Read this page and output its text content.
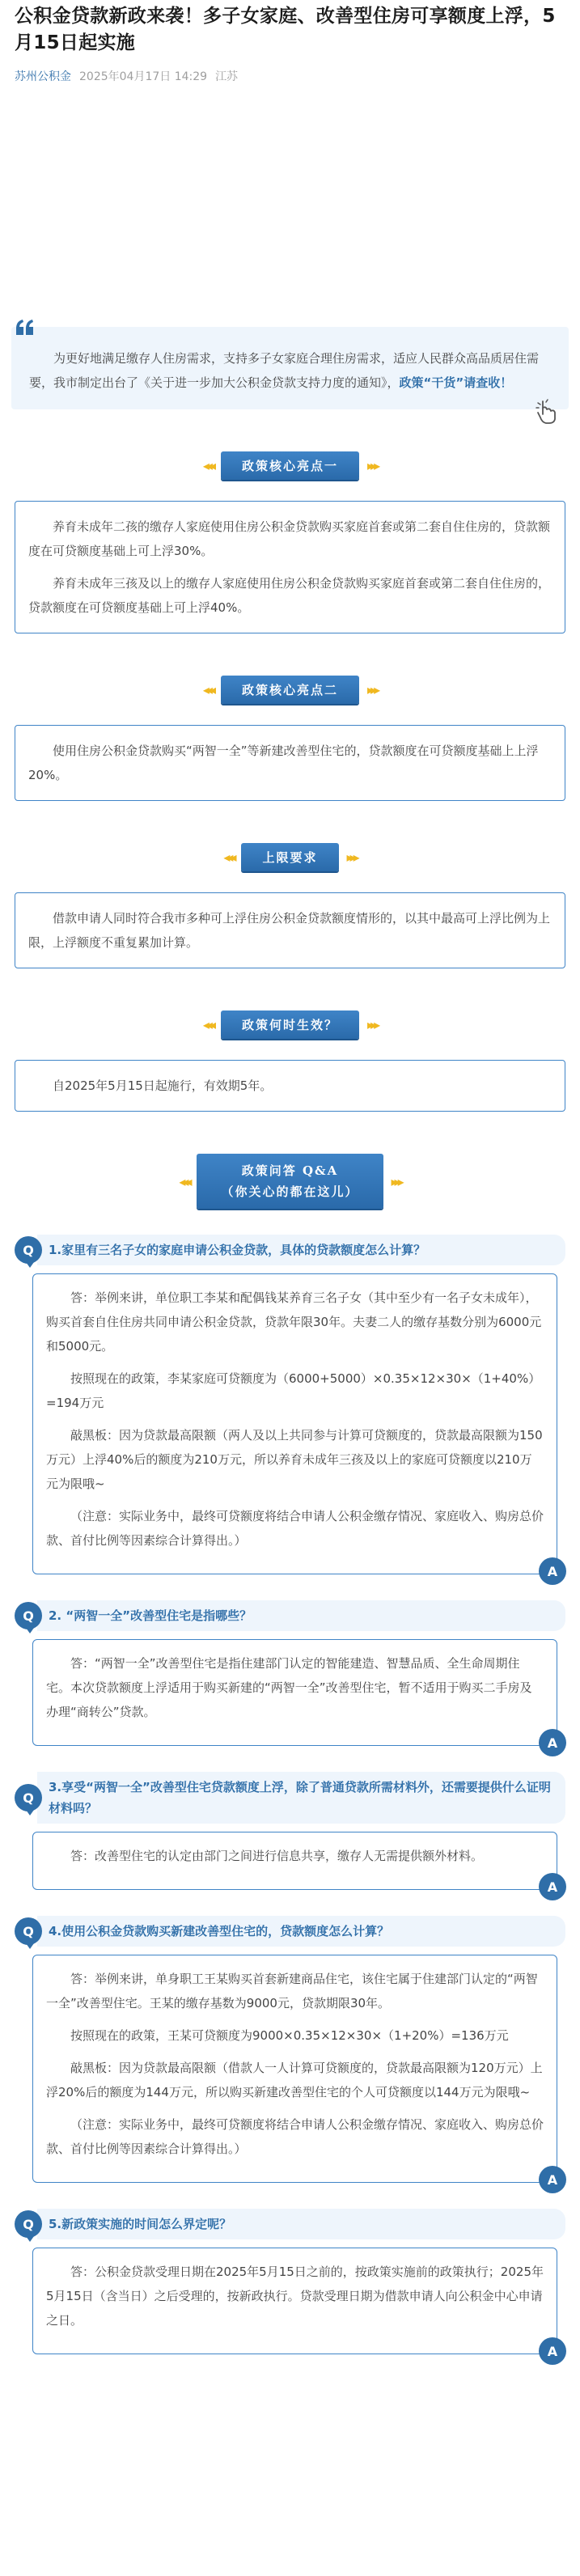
公积金贷款新政来袭！多子女家庭、改善型住房可享额度上浮，5月15日起实施
苏州公积金 2025年04月17日 14:29 江苏

为更好地满足缴存人住房需求，支持多子女家庭合理住房需求，适应人民群众高品质居住需要，我市制定出台了《关于进一步加大公积金贷款支持力度的通知》，政策“干货”请查收！

◂◂◂	政策核心亮点一	▸▸▸

养育未成年二孩的缴存人家庭使用住房公积金贷款购买家庭首套或第二套自住住房的，贷款额度在可贷额度基础上可上浮30%。

养育未成年三孩及以上的缴存人家庭使用住房公积金贷款购买家庭首套或第二套自住住房的，贷款额度在可贷额度基础上可上浮40%。

◂◂◂	政策核心亮点二	▸▸▸

使用住房公积金贷款购买“两智一全”等新建改善型住宅的，贷款额度在可贷额度基础上上浮20%。

◂◂◂	上限要求	▸▸▸

借款申请人同时符合我市多种可上浮住房公积金贷款额度情形的，以其中最高可上浮比例为上限，上浮额度不重复累加计算。

◂◂◂	政策何时生效？	▸▸▸

自2025年5月15日起施行，有效期5年。

◂◂◂
政策问答 Q&A
（你关心的都在这儿）
▸▸▸
Q	1.家里有三名子女的家庭申请公积金贷款，具体的贷款额度怎么计算？

答：举例来讲，单位职工李某和配偶钱某养育三名子女（其中至少有一名子女未成年），购买首套自住住房共同申请公积金贷款，贷款年限30年。夫妻二人的缴存基数分别为6000元和5000元。

按照现在的政策，李某家庭可贷额度为（6000+5000）×0.35×12×30×（1+40%）=194万元

敲黑板：因为贷款最高限额（两人及以上共同参与计算可贷额度的，贷款最高限额为150万元）上浮40%后的额度为210万元，所以养育未成年三孩及以上的家庭可贷额度以210万元为限哦~

（注意：实际业务中，最终可贷额度将结合申请人公积金缴存情况、家庭收入、购房总价款、首付比例等因素综合计算得出。）

A
Q	2. “两智一全”改善型住宅是指哪些？

答：“两智一全”改善型住宅是指住建部门认定的智能建造、智慧品质、全生命周期住宅。本次贷款额度上浮适用于购买新建的“两智一全”改善型住宅，暂不适用于购买二手房及办理“商转公”贷款。

A
Q
3.享受“两智一全”改善型住宅贷款额度上浮，除了普通贷款所需材料外，还需要提供什么证明材料吗？

答：改善型住宅的认定由部门之间进行信息共享，缴存人无需提供额外材料。

A
Q	4.使用公积金贷款购买新建改善型住宅的，贷款额度怎么计算？

答：举例来讲，单身职工王某购买首套新建商品住宅，该住宅属于住建部门认定的“两智一全”改善型住宅。王某的缴存基数为9000元，贷款期限30年。

按照现在的政策，王某可贷额度为9000×0.35×12×30×（1+20%）=136万元

敲黑板：因为贷款最高限额（借款人一人计算可贷额度的，贷款最高限额为120万元）上浮20%后的额度为144万元，所以购买新建改善型住宅的个人可贷额度以144万元为限哦~

（注意：实际业务中，最终可贷额度将结合申请人公积金缴存情况、家庭收入、购房总价款、首付比例等因素综合计算得出。）

A
Q	5.新政策实施的时间怎么界定呢？

答：公积金贷款受理日期在2025年5月15日之前的，按政策实施前的政策执行；2025年5月15日（含当日）之后受理的，按新政执行。贷款受理日期为借款申请人向公积金中心申请之日。

A
